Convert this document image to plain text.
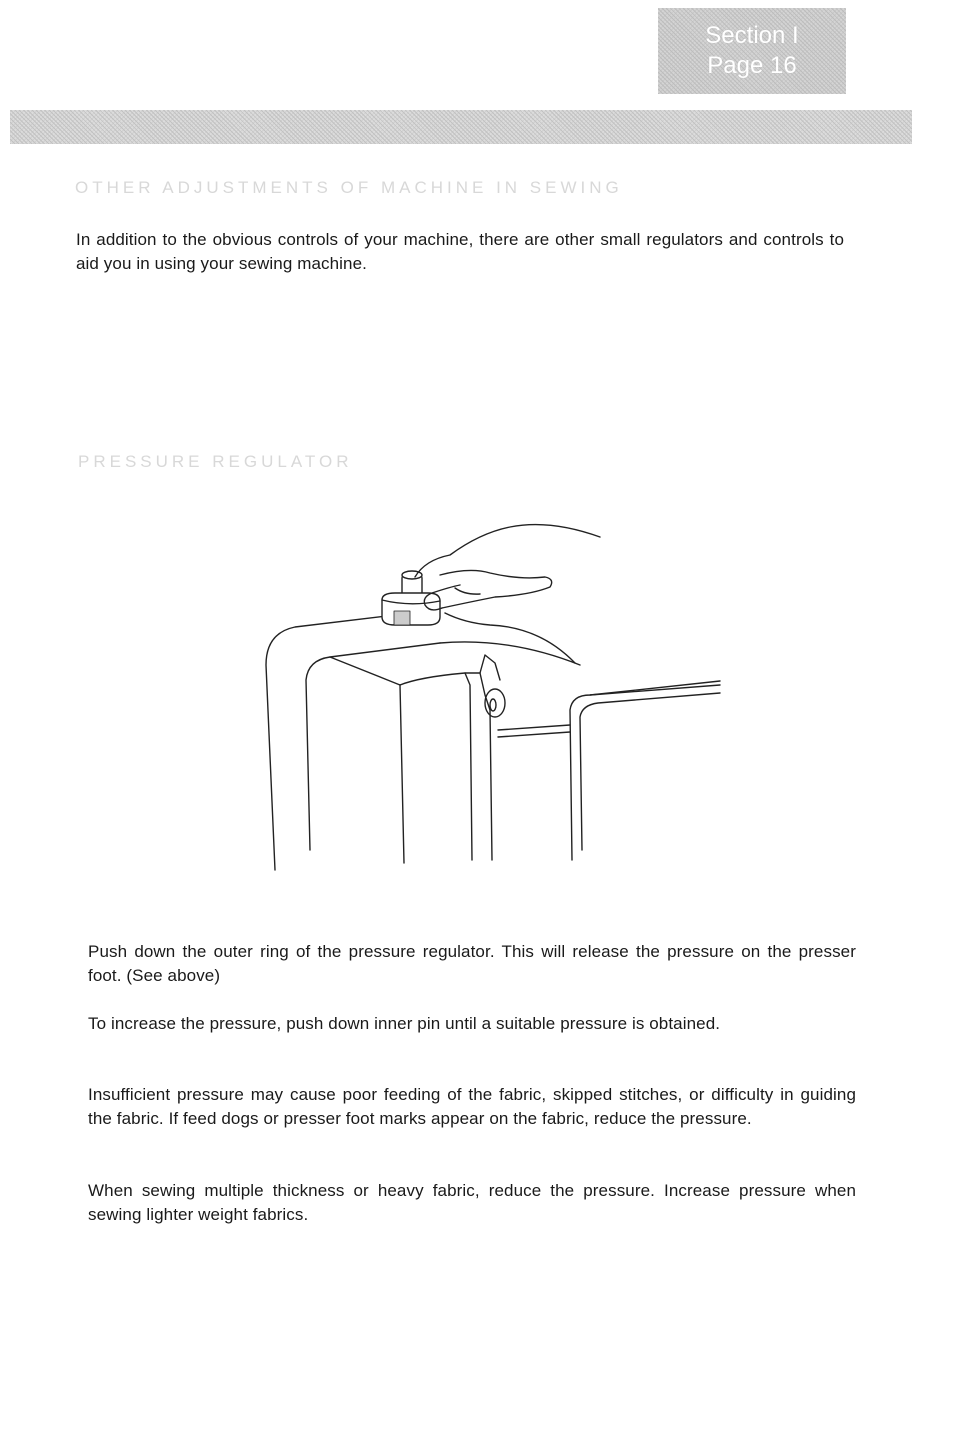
Section I
Page 16
OTHER ADJUSTMENTS OF MACHINE IN SEWING
In addition to the obvious controls of your machine, there are other small regulators and controls to aid you in using your sewing machine.
PRESSURE REGULATOR
Push down the outer ring of the pressure regulator. This will release the pressure on the presser foot. (See above)
To increase the pressure, push down inner pin until a suitable pressure is obtained.
Insufficient pressure may cause poor feeding of the fabric, skipped stitches, or difficulty in guiding the fabric. If feed dogs or presser foot marks appear on the fabric, reduce the pressure.
When sewing multiple thickness or heavy fabric, reduce the pressure. Increase pressure when sewing lighter weight fabrics.
